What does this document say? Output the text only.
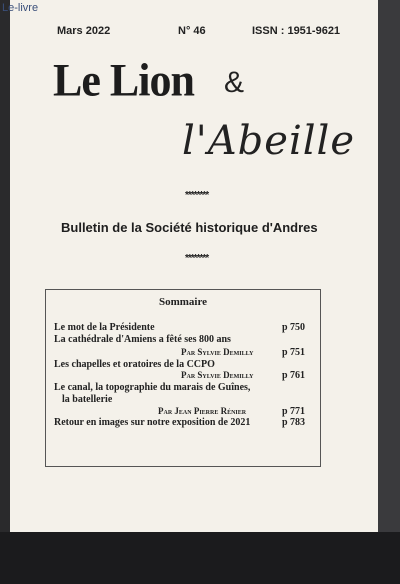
Mars 2022	N° 46	ISSN : 1951-9621
Le Lion &
l'Abeille
********
Bulletin de la Société historique d'Andres
********
Sommaire
Le mot de la Présidente	p 750
La cathédrale d'Amiens a fêté ses 800 ans
Par Sylvie Demilly	p 751
Les chapelles et oratoires de la CCPO
Par Sylvie Demilly	p 761
Le canal, la topographie du marais de Guînes,
la batellerie
Par Jean Pierre Rénier	p 771
Retour en images sur notre exposition de 2021	p 783
Le-livre
